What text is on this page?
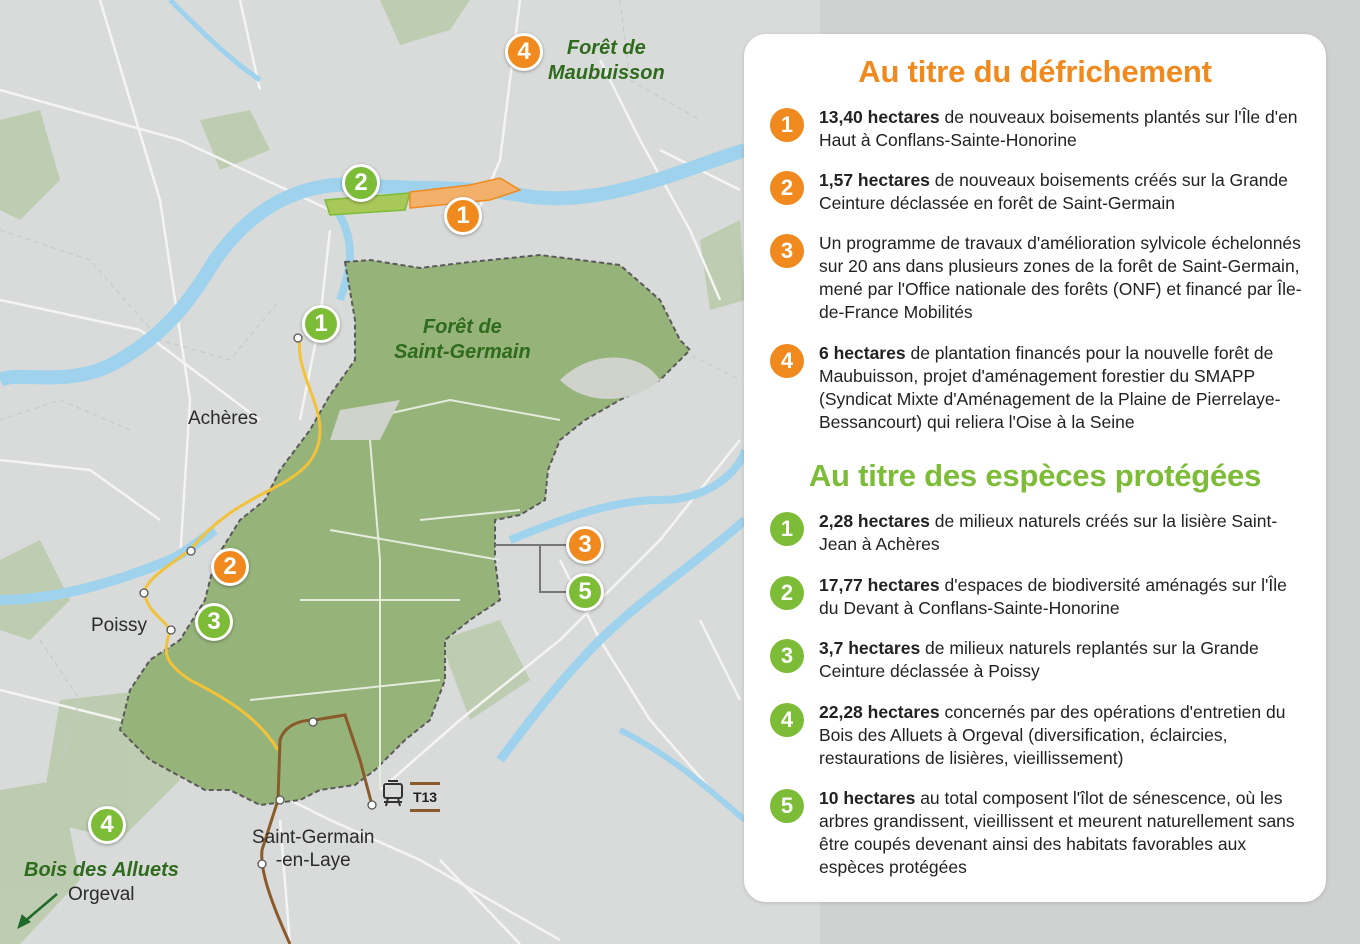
Achères
Poissy
Saint-Germain
-en-Laye
Orgeval
Forêt de
Maubuisson
Forêt de
Saint-Germain
Bois des Alluets
4
2
1
1
2
3
3
5
4
T13
Au titre du défrichement
1	13,40 hectares de nouveaux boisements plantés sur l'Île d'en Haut à Conflans-Sainte-Honorine
2	1,57 hectares de nouveaux boisements créés sur la Grande Ceinture déclassée en forêt de Saint-Germain
3	Un programme de travaux d'amélioration sylvicole échelonnés sur 20 ans dans plusieurs zones de la forêt de Saint-Germain, mené par l'Office nationale des forêts (ONF) et financé par Île-de-France Mobilités
4	6 hectares de plantation financés pour la nouvelle forêt de Maubuisson, projet d'aménagement forestier du SMAPP (Syndicat Mixte d'Aménagement de la Plaine de Pierrelaye-Bessancourt) qui reliera l'Oise à la Seine
Au titre des espèces protégées
1	2,28 hectares de milieux naturels créés sur la lisière Saint-Jean à Achères
2	17,77 hectares d'espaces de biodiversité aménagés sur l'Île du Devant à Conflans-Sainte-Honorine
3	3,7 hectares de milieux naturels replantés sur la Grande Ceinture déclassée à Poissy
4	22,28 hectares concernés par des opérations d'entretien du Bois des Alluets à Orgeval (diversification, éclaircies, restaurations de lisières, vieillissement)
5	10 hectares au total composent l'îlot de sénescence, où les arbres grandissent, vieillissent et meurent naturellement sans être coupés devenant ainsi des habitats favorables aux espèces protégées
